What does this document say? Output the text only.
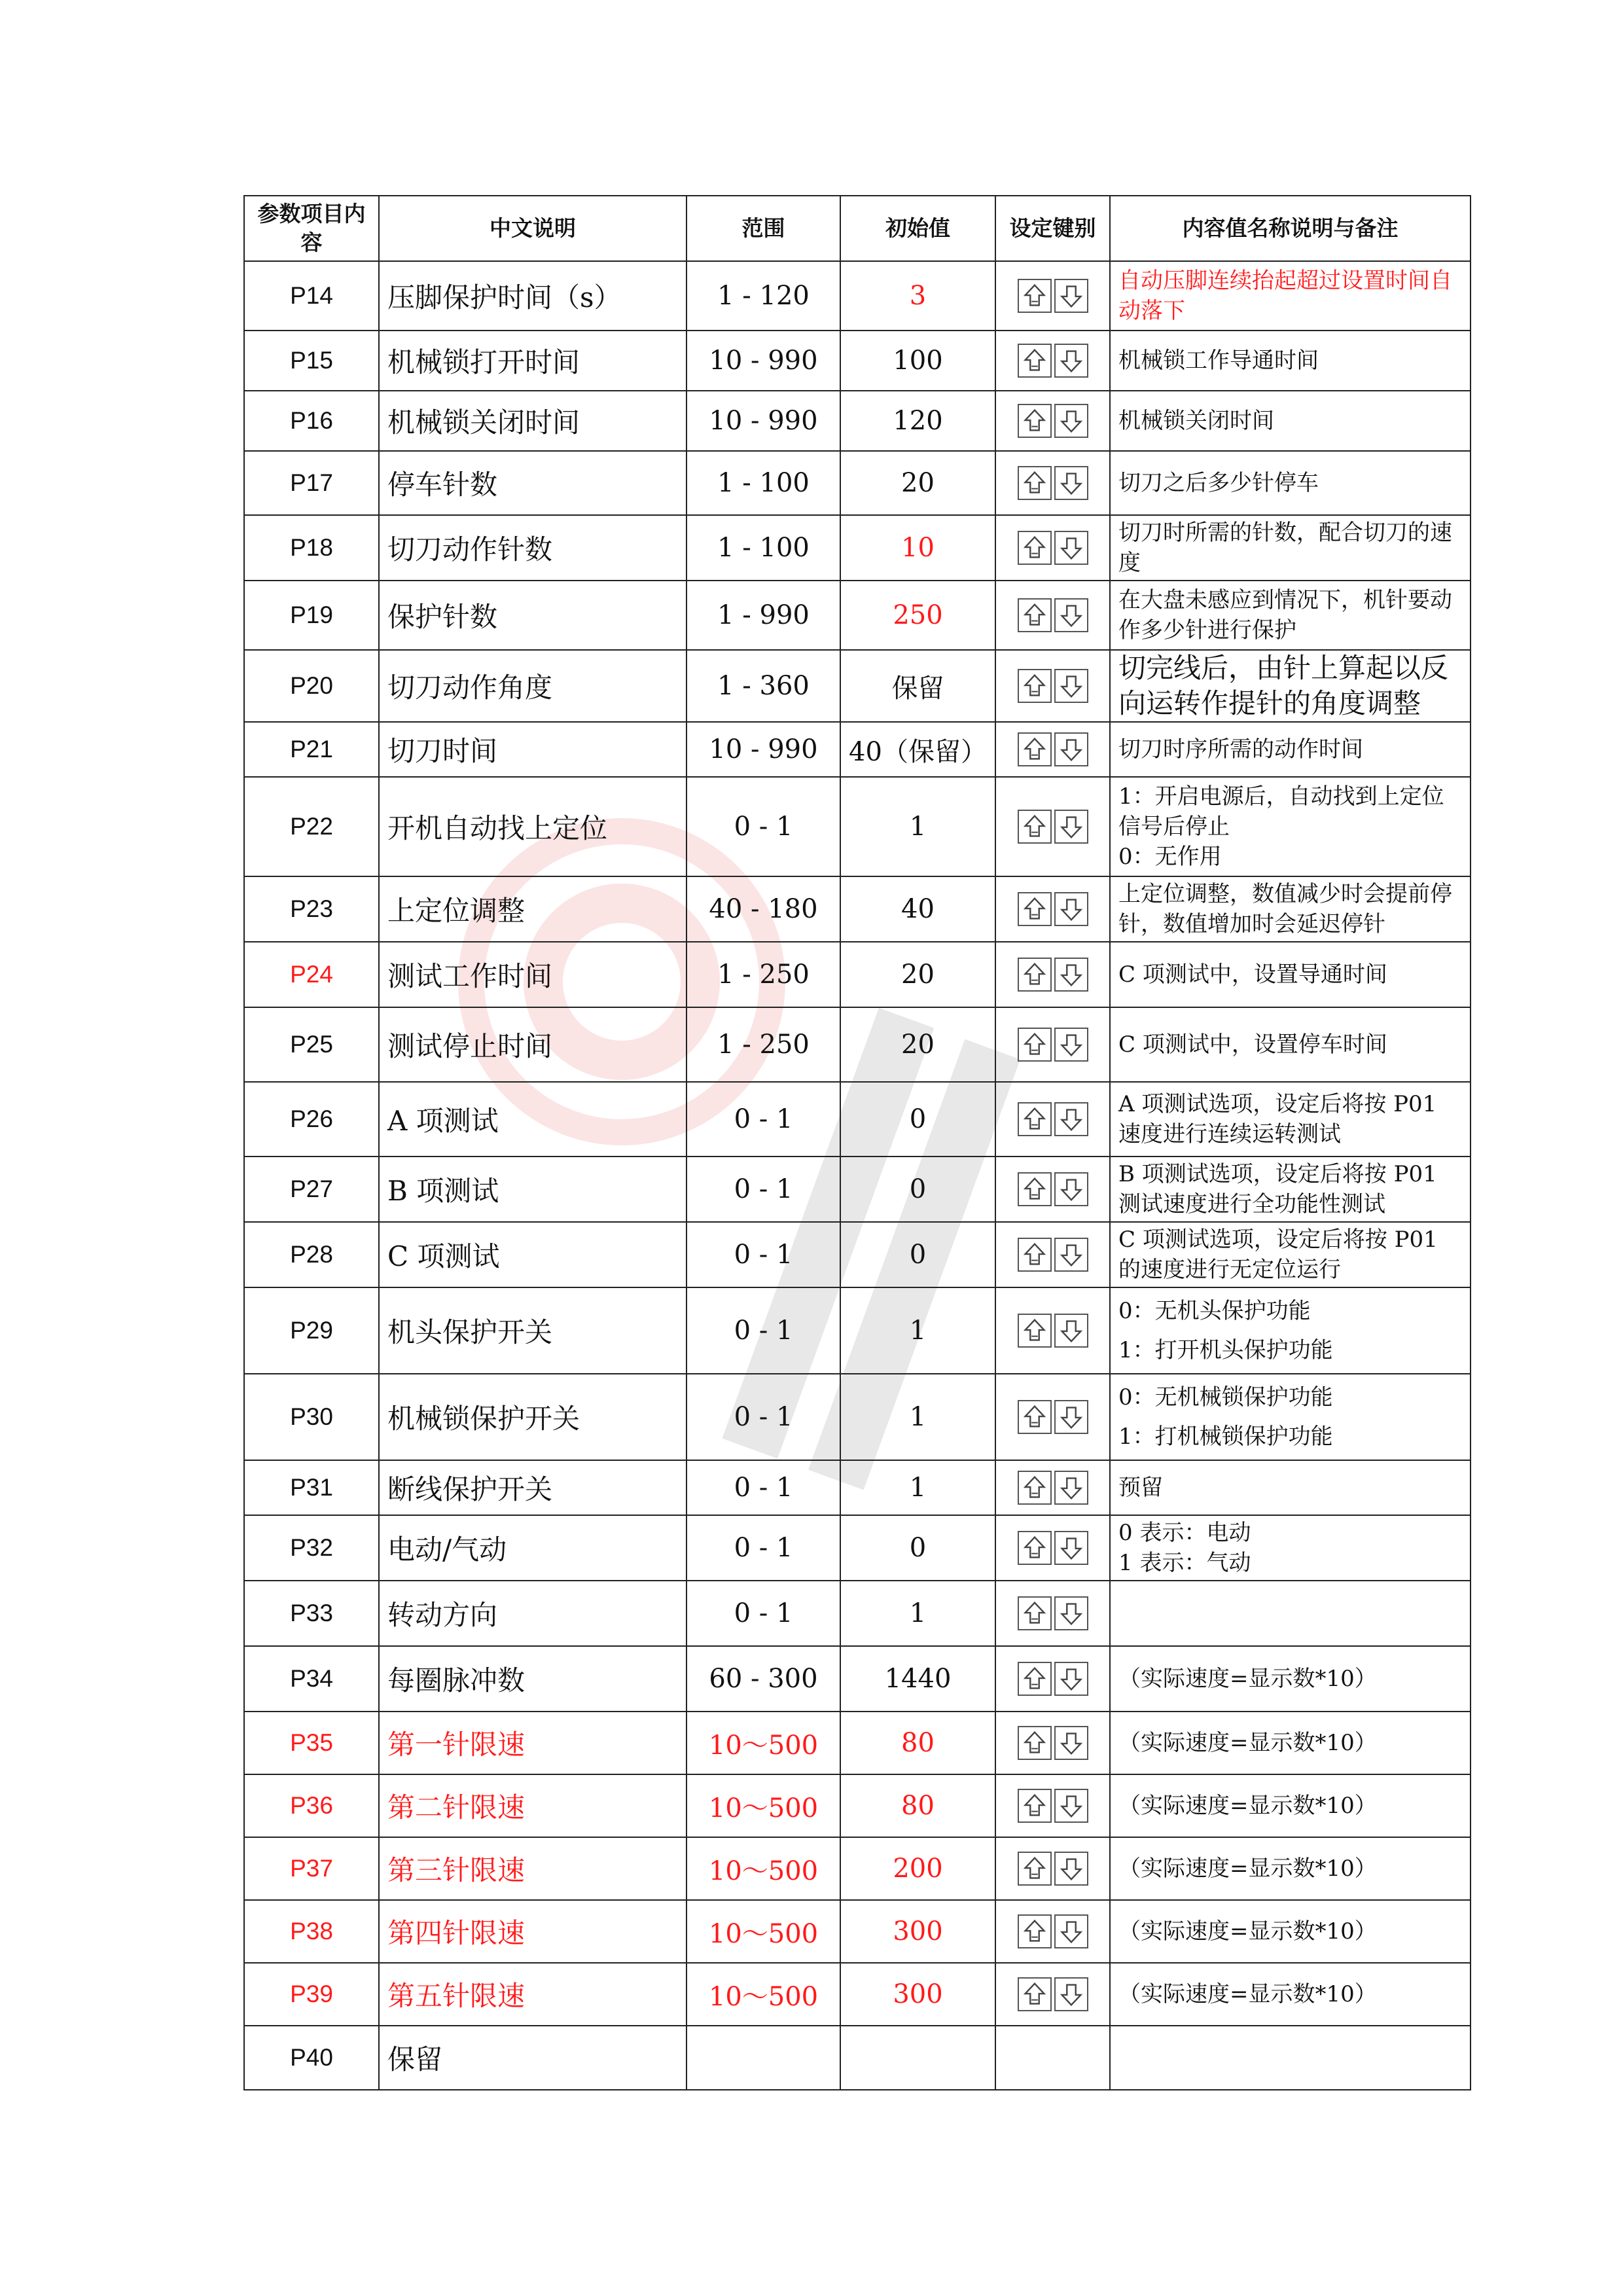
参数项目内容	中文说明	范围	初始值	设定键别	内容值名称说明与备注
P14	压脚保护时间（s）	1 - 120	3		自动压脚连续抬起超过设置时间自动落下

P15	机械锁打开时间	10 - 990	100		机械锁工作导通时间

P16	机械锁关闭时间	10 - 990	120		机械锁关闭时间

P17	停车针数	1 - 100	20		切刀之后多少针停车

P18	切刀动作针数	1 - 100	10		切刀时所需的针数，配合切刀的速度

P19	保护针数	1 - 990	250		在大盘未感应到情况下，机针要动作多少针进行保护

P20	切刀动作角度	1 - 360	保留		切完线后，由针上算起以反向运转作提针的角度调整

P21	切刀时间	10 - 990	40（保留）		切刀时序所需的动作时间

P22	开机自动找上定位	0 - 1	1		1：开启电源后，自动找到上定位信号后停止
0：无作用

P23	上定位调整	40 - 180	40		上定位调整，数值减少时会提前停针，数值增加时会延迟停针

P24	测试工作时间	1 - 250	20		C 项测试中，设置导通时间

P25	测试停止时间	1 - 250	20		C 项测试中，设置停车时间

P26	A 项测试	0 - 1	0		A 项测试选项，设定后将按 P01 速度进行连续运转测试

P27	B 项测试	0 - 1	0		B 项测试选项，设定后将按 P01 测试速度进行全功能性测试

P28	C 项测试	0 - 1	0		C 项测试选项，设定后将按 P01 的速度进行无定位运行

P29	机头保护开关	0 - 1	1		0：无机头保护功能
1：打开机头保护功能

P30	机械锁保护开关	0 - 1	1		0：无机械锁保护功能
1：打机械锁保护功能

P31	断线保护开关	0 - 1	1		预留

P32	电动/气动	0 - 1	0		0 表示：电动
1 表示：气动

P33	转动方向	0 - 1	1	

P34	每圈脉冲数	60 - 300	1440		（实际速度=显示数*10）

P35	第一针限速	10～500	80		（实际速度=显示数*10）

P36	第二针限速	10～500	80		（实际速度=显示数*10）

P37	第三针限速	10～500	200		（实际速度=显示数*10）

P38	第四针限速	10～500	300		（实际速度=显示数*10）

P39	第五针限速	10～500	300		（实际速度=显示数*10）

P40	保留				
